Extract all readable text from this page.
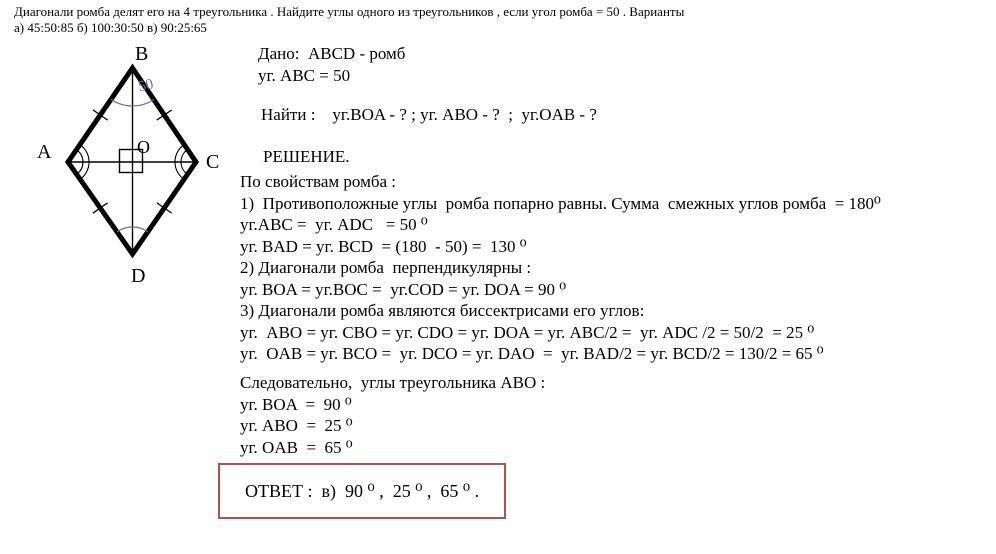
Диагонали ромба делят его на 4 треугольника . Найдите углы одного из треугольников , если угол ромба = 50 . Варианты
а) 45:50:85 б) 100:30:50 в) 90:25:65
A
B
C
D
O
50
Дано:  ABCD - ромб
уг. ABC = 50
Найти :    уг.BOA - ? ; уг. ABO - ?  ;  уг.OAB - ?
РЕШЕНИЕ.
По свойствам ромба :
1)  Противоположные углы  ромба попарно равны. Сумма  смежных углов ромба  = 180⁰
уг.ABC =  уг. ADC   = 50 ⁰
уг. BAD = уг. BCD  = (180  - 50) =  130 ⁰
2) Диагонали ромба  перпендикулярны :
уг. BOA = уг.BOC =  уг.COD = уг. DOA = 90 ⁰
3) Диагонали ромба являются биссектрисами его углов:
уг.  ABO = уг. CBO = уг. CDO = уг. DOA = уг. ABC/2 =  уг. ADC /2 = 50/2  = 25 ⁰
уг.  OAB = уг. BCO =  уг. DCO = уг. DAO  =  уг. BAD/2 = уг. BCD/2 = 130/2 = 65 ⁰
Следовательно,  углы треугольника ABO :
уг. BOA  =  90 ⁰
уг. ABO  =  25 ⁰
уг. OAB  =  65 ⁰
ОТВЕТ :  в)  90 ⁰ ,  25 ⁰ ,  65 ⁰ .
